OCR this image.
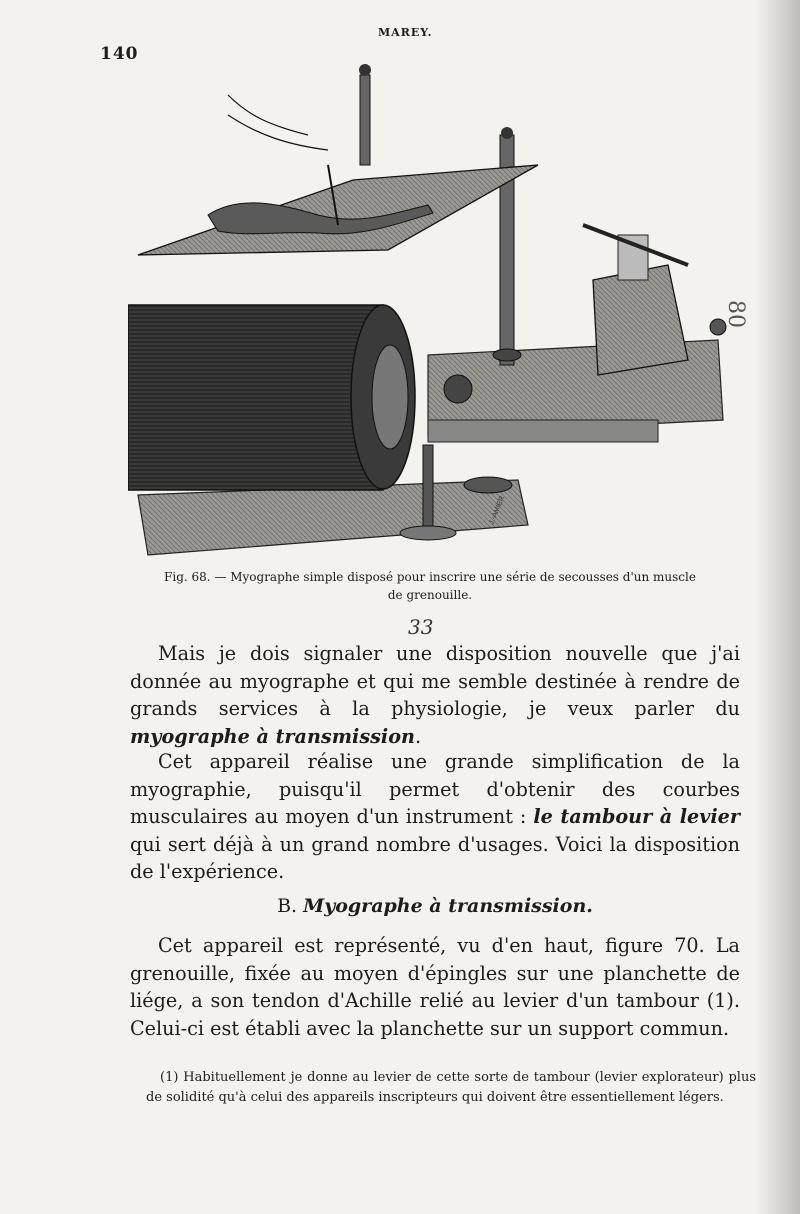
140
MAREY.
J.-AMIER
Fig. 68. — Myographe simple disposé pour inscrire une série de secousses d'un muscle
de grenouille.

Mais je dois signaler une disposition nouvelle que j'ai donnée au myographe et qui me semble destinée à rendre de grands services à la physiologie, je veux parler du myographe à transmission.

Cet appareil réalise une grande simplification de la myographie, puisqu'il permet d'obtenir des courbes musculaires au moyen d'un instrument : le tambour à levier qui sert déjà à un grand nombre d'usages. Voici la disposition de l'expérience.

B. Myographe à transmission.

Cet appareil est représenté, vu d'en haut, figure 70. La grenouille, fixée au moyen d'épingles sur une planchette de liége, a son tendon d'Achille relié au levier d'un tambour (1). Celui-ci est établi avec la planchette sur un support commun.

(1) Habituellement je donne au levier de cette sorte de tambour (levier explorateur) plus de solidité qu'à celui des appareils inscripteurs qui doivent être essentiellement légers.
33
80
